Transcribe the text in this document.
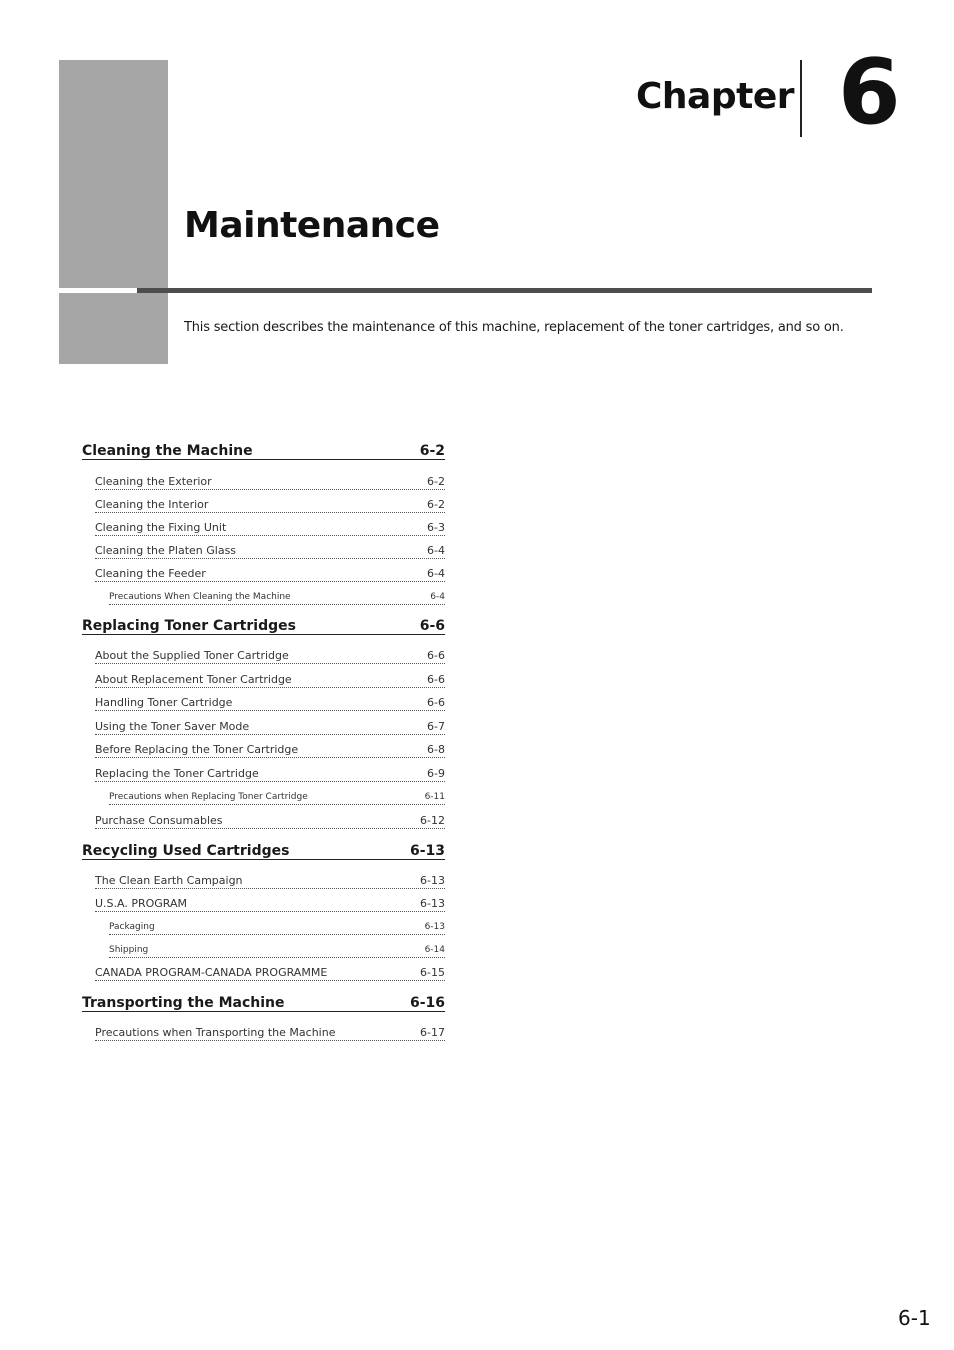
Chapter 6
Maintenance
This section describes the maintenance of this machine, replacement of the toner cartridges, and so on.
Cleaning the Machine	6-2
Cleaning the Exterior	6-2
Cleaning the Interior	6-2
Cleaning the Fixing Unit	6-3
Cleaning the Platen Glass	6-4
Cleaning the Feeder	6-4
Precautions When Cleaning the Machine	6-4
Replacing Toner Cartridges	6-6
About the Supplied Toner Cartridge	6-6
About Replacement Toner Cartridge	6-6
Handling Toner Cartridge	6-6
Using the Toner Saver Mode	6-7
Before Replacing the Toner Cartridge	6-8
Replacing the Toner Cartridge	6-9
Precautions when Replacing Toner Cartridge	6-11
Purchase Consumables	6-12
Recycling Used Cartridges	6-13
The Clean Earth Campaign	6-13
U.S.A. PROGRAM	6-13
Packaging	6-13
Shipping	6-14
CANADA PROGRAM-CANADA PROGRAMME	6-15
Transporting the Machine	6-16
Precautions when Transporting the Machine	6-17
6-1
